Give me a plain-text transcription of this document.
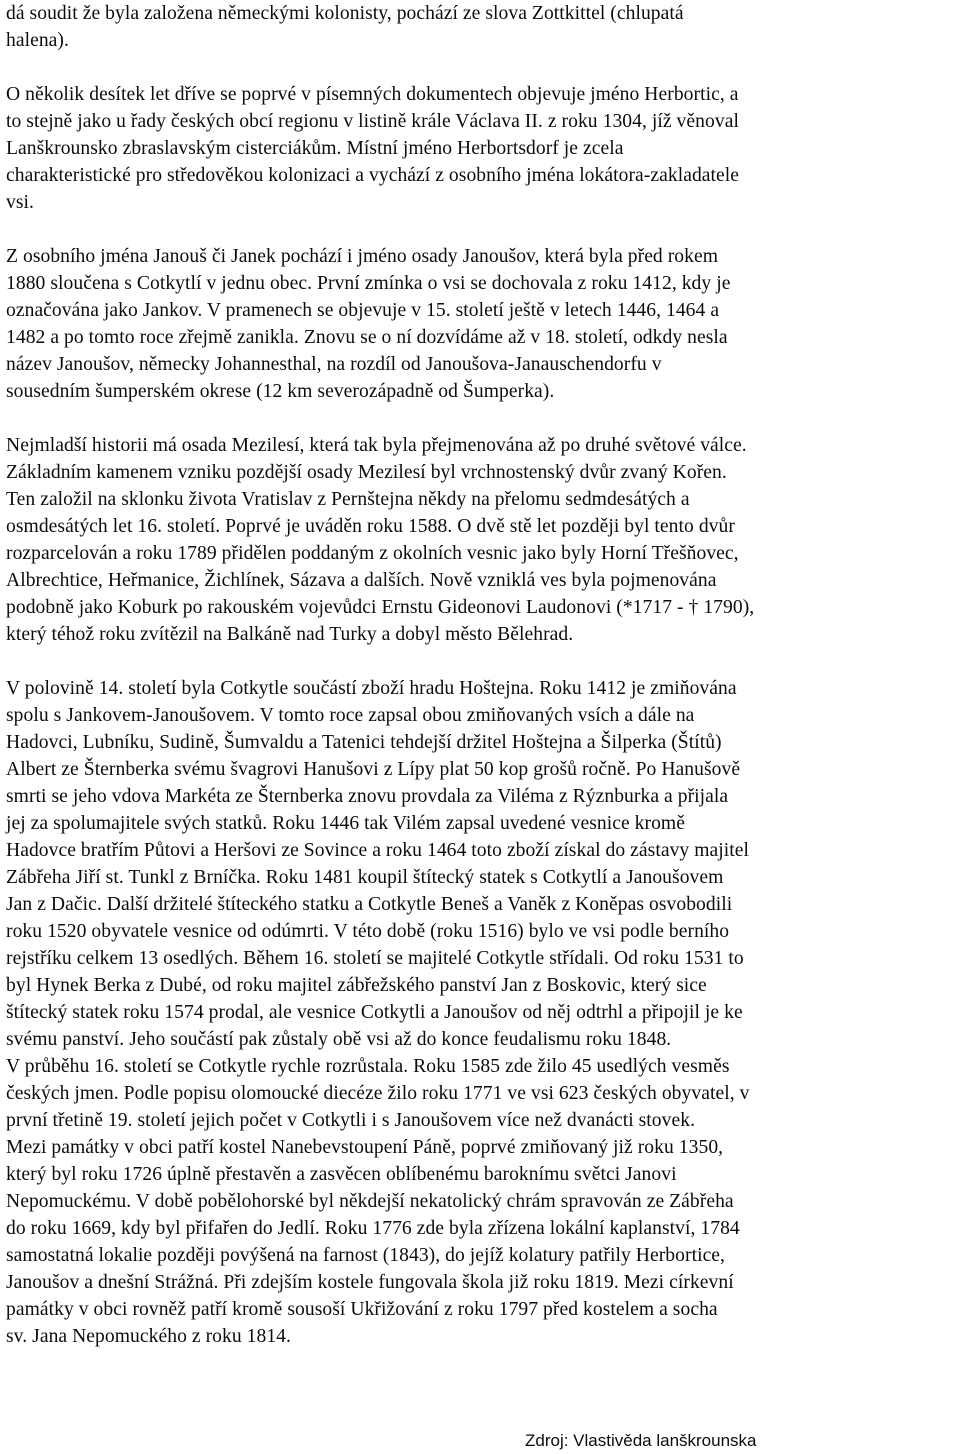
dá soudit že byla založena německými kolonisty, pochází ze slova Zottkittel (chlupatá
halena).

O několik desítek let dříve se poprvé v písemných dokumentech objevuje jméno Herbortic, a
to stejně jako u řady českých obcí regionu v listině krále Václava II. z roku 1304, jíž věnoval
Lanškrounsko zbraslavským cisterciákům. Místní jméno Herbortsdorf je zcela
charakteristické pro středověkou kolonizaci a vychází z osobního jména lokátora-zakladatele
vsi.

Z osobního jména Janouš či Janek pochází i jméno osady Janoušov, která byla před rokem
1880 sloučena s Cotkytlí v jednu obec. První zmínka o vsi se dochovala z roku 1412, kdy je
označována jako Jankov. V pramenech se objevuje v 15. století ještě v letech 1446, 1464 a
1482 a po tomto roce zřejmě zanikla. Znovu se o ní dozvídáme až v 18. století, odkdy nesla
název Janoušov, německy Johannesthal, na rozdíl od Janoušova-Janauschendorfu v
sousedním šumperském okrese (12 km severozápadně od Šumperka).

Nejmladší historii má osada Mezilesí, která tak byla přejmenována až po druhé světové válce.
Základním kamenem vzniku pozdější osady Mezilesí byl vrchnostenský dvůr zvaný Kořen.
Ten založil na sklonku života Vratislav z Pernštejna někdy na přelomu sedmdesátých a
osmdesátých let 16. století. Poprvé je uváděn roku 1588. O dvě stě let později byl tento dvůr
rozparcelován a roku 1789 přidělen poddaným z okolních vesnic jako byly Horní Třešňovec,
Albrechtice, Heřmanice, Žichlínek, Sázava a dalších. Nově vzniklá ves byla pojmenována
podobně jako Koburk po rakouském vojevůdci Ernstu Gideonovi Laudonovi (*1717 - † 1790),
který téhož roku zvítězil na Balkáně nad Turky a dobyl město Bělehrad.

V polovině 14. století byla Cotkytle součástí zboží hradu Hoštejna. Roku 1412 je zmiňována
spolu s Jankovem-Janoušovem. V tomto roce zapsal obou zmiňovaných vsích a dále na
Hadovci, Lubníku, Sudině, Šumvaldu a Tatenici tehdejší držitel Hoštejna a Šilperka (Štítů)
Albert ze Šternberka svému švagrovi Hanušovi z Lípy plat 50 kop grošů ročně. Po Hanušově
smrti se jeho vdova Markéta ze Šternberka znovu provdala za Viléma z Rýznburka a přijala
jej za spolumajitele svých statků. Roku 1446 tak Vilém zapsal uvedené vesnice kromě
Hadovce bratřím Půtovi a Heršovi ze Sovince a roku 1464 toto zboží získal do zástavy majitel
Zábřeha Jiří st. Tunkl z Brníčka. Roku 1481 koupil štítecký statek s Cotkytlí a Janoušovem
Jan z Dačic. Další držitelé štíteckého statku a Cotkytle Beneš a Vaněk z Koněpas osvobodili
roku 1520 obyvatele vesnice od odúmrti. V této době (roku 1516) bylo ve vsi podle berního
rejstříku celkem 13 osedlých. Během 16. století se majitelé Cotkytle střídali. Od roku 1531 to
byl Hynek Berka z Dubé, od roku majitel zábřežského panství Jan z Boskovic, který sice
štítecký statek roku 1574 prodal, ale vesnice Cotkytli a Janoušov od něj odtrhl a připojil je ke
svému panství. Jeho součástí pak zůstaly obě vsi až do konce feudalismu roku 1848.
V průběhu 16. století se Cotkytle rychle rozrůstala. Roku 1585 zde žilo 45 usedlých vesměs
českých jmen. Podle popisu olomoucké diecéze žilo roku 1771 ve vsi 623 českých obyvatel, v
první třetině 19. století jejich počet v Cotkytli i s Janoušovem více než dvanácti stovek.
Mezi památky v obci patří kostel Nanebevstoupení Páně, poprvé zmiňovaný již roku 1350,
který byl roku 1726 úplně přestavěn a zasvěcen oblíbenému baroknímu světci Janovi
Nepomuckému. V době pobělohorské byl někdejší nekatolický chrám spravován ze Zábřeha
do roku 1669, kdy byl přifařen do Jedlí. Roku 1776 zde byla zřízena lokální kaplanství, 1784
samostatná lokalie později povýšená na farnost (1843), do jejíž kolatury patřily Herbortice,
Janoušov a dnešní Strážná. Při zdejším kostele fungovala škola již roku 1819. Mezi církevní
památky v obci rovněž patří kromě sousoší Ukřižování z roku 1797 před kostelem a socha
sv. Jana Nepomuckého z roku 1814.

Zdroj: Vlastivěda lanškrounska
